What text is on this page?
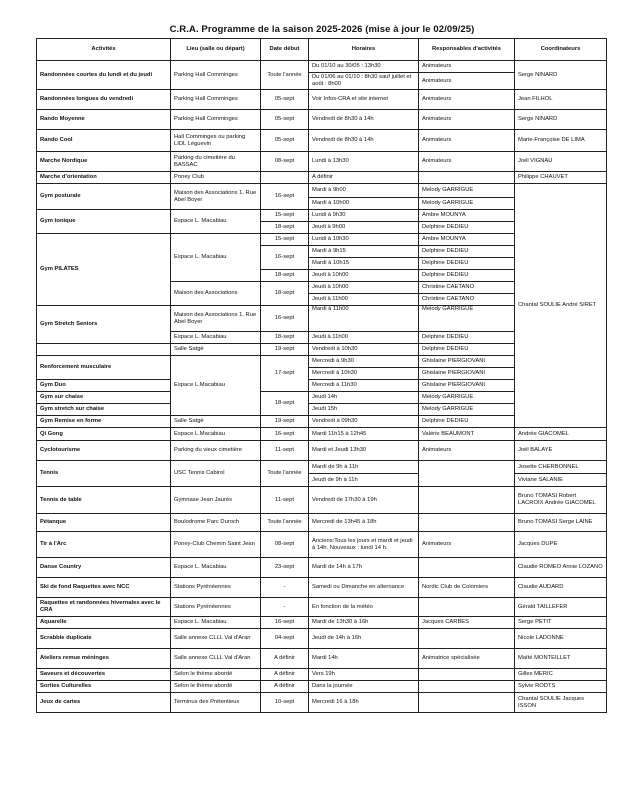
C.R.A. Programme de la saison 2025-2026 (mise à jour le 02/09/25)
Activités	Lieu (salle ou départ)	Date début	Horaires	Responsables d'activités	Coordinateurs
Randonnées courtes du lundi et du jeudi	Parking Hall Comminges	Toute l'année	Du 01/10 au 30/05 : 13h30	Animateurs	Serge NINARD
			Du 01/06 au 01/10 : 8h30 sauf juillet et août : 8h00	Animateurs	
Randonnées longues du vendredi	Parking Hall Comminges	05-sept	Voir Infos-CRA et site internet	Animateurs	Jean FILHOL
Rando Moyenne	Parking Hall Comminges	05-sept	Vendredi de 8h30 à 14h	Animateurs	Serge NINARD
Rando Cool	Hall Comminges ou parking LIDL Léguevin	05-sept	Vendredi de 8h30 à 14h	Animateurs	Marie-Françoise DE LIMA
Marche Nordique	Parking du cimetière du BASSAC	08-sept	Lundi à 13h30	Animateurs	Joël VIGNAU
Marche d'orientation	Poney Club		A définir		Philippe CHAUVET
Gym posturale	Maison des Associations 1, Rue Abel Boyer	16-sept	Mardi à 9h00	Melody GARRIGUE	Chantal SOULIE André SIRET
			Mardi à 10h00	Melody GARRIGUE	
Gym tonique	Espace L. Macabiau	15-sept	Lundi à 9h30	Ambre MOUNYA	
		18-sept	Jeudi à 9h00	Delphine DEDIEU	
Gym PILATES	Espace L. Macabiau	15-sept	Lundi à 10h30	Ambre MOUNYA	
		16-sept	Mardi à 9h15	Delphine DEDIEU	
			Mardi à 10h15	Delphine DEDIEU	
		18-sept	Jeudi à 10h00	Delphine DEDIEU	
	Maison des Associations	18-sept	Jeudi à 10h00	Christine CAETANO	
			Jeudi à 11h00	Christine CAETANO	
Gym Stretch Seniors	Maison des Associations 1, Rue Abel Boyer	16-sept	Mardi à 11h00	Melody GARRIGUE	
	Espace L. Macabiau	18-sept	Jeudi à 11h00	Delphine DEDIEU	
	Salle Satgé	19-sept	Vendredi à 10h30	Delphine DEDIEU	
Renforcement musculaire	Espace L.Macabiau	17-sept	Mercredi à 9h30	Ghislaine PIERGIOVANI	
			Mercredi à 10h30	Ghislaine PIERGIOVANI	
Gym Duo			Mercredi à 11h30	Ghislaine PIERGIOVANI	
Gym sur chaise		18-sept	Jeudi 14h	Melody GARRIGUE	
Gym stretch sur chaise			Jeudi 15h	Melody GARRIGUE	
Gym Remise en forme	Salle Satgé	19-sept	Vendredi à 09h30	Delphine DEDIEU	
Qi Gong	Espace L.Macabiau	16-sept	Mardi 11h15 à 12h45	Valérie BEAUMONT	Andrée GIACOMEL
Cyclotourisme	Parking du vieux cimetière	11-sept	Mardi et Jeudi 13h30	Animateurs	Joël BALAYE
Tennis	USC Tennis Cabirol	Toute l'année	Mardi de 9h à 11h		Josette CHERBONNEL
			Jeudi de 9h à 11h		Viviane SALANIE
Tennis de table	Gymnase Jean Jaurès	11-sept	Vendredi de 17h30 à 19h		Bruno TOMASI Robert LACROIX Andrée GIACOMEL
Pétanque	Boulodrome Parc Duroch	Toute l'année	Mercredi de 13h45 à 18h		Bruno TOMASI Serge LAINE
Tir à l'Arc	Poney-Club Chemin Saint Jean	08-sept	Anciens:Tous les jours et mardi et jeudi à 14h. Nouveaux : lundi 14 h.	Animateurs	Jacques DUPE
Danse Country	Espace L. Macabiau	23-sept	Mardi de 14h à 17h		Claudie ROMEO Annie LOZANO
Ski de fond Raquettes avec NCC	Stations Pyrénéennes	-	Samedi ou Dimanche en alternance	Nordic Club de Colomiers	Claudie AUDARD
Raquettes et randonnées hivernales avec le CRA	Stations Pyrénéennes	-	En fonction de la météo		Gérald TAILLEFER
Aquarelle	Espace L. Macabiau	16-sept	Mardi de 13h30 à 16h	Jacques CARBES	Serge PETIT
Scrabble duplicate	Salle annexe CLLL Val d'Aran	04-sept	Jeudi de 14h à 16h		Nicole LADONNE
Ateliers remue méninges	Salle annexe CLLL Val d'Aran	A définir	Mardi 14h	Animatrice spécialisée	Maïté MONTEILLET
Saveurs et découvertes	Selon le thème abordé	A définir	Vers 19h		Gilles MERIC
Sorties Culturelles	Selon le thème abordé	A définir	Dans la journée		Sylvie RODTS
Jeux de cartes	Terminus des Prétentieux	10-sept	Mercredi 16 à 18h		Chantal SOULIE Jacques ISSON
